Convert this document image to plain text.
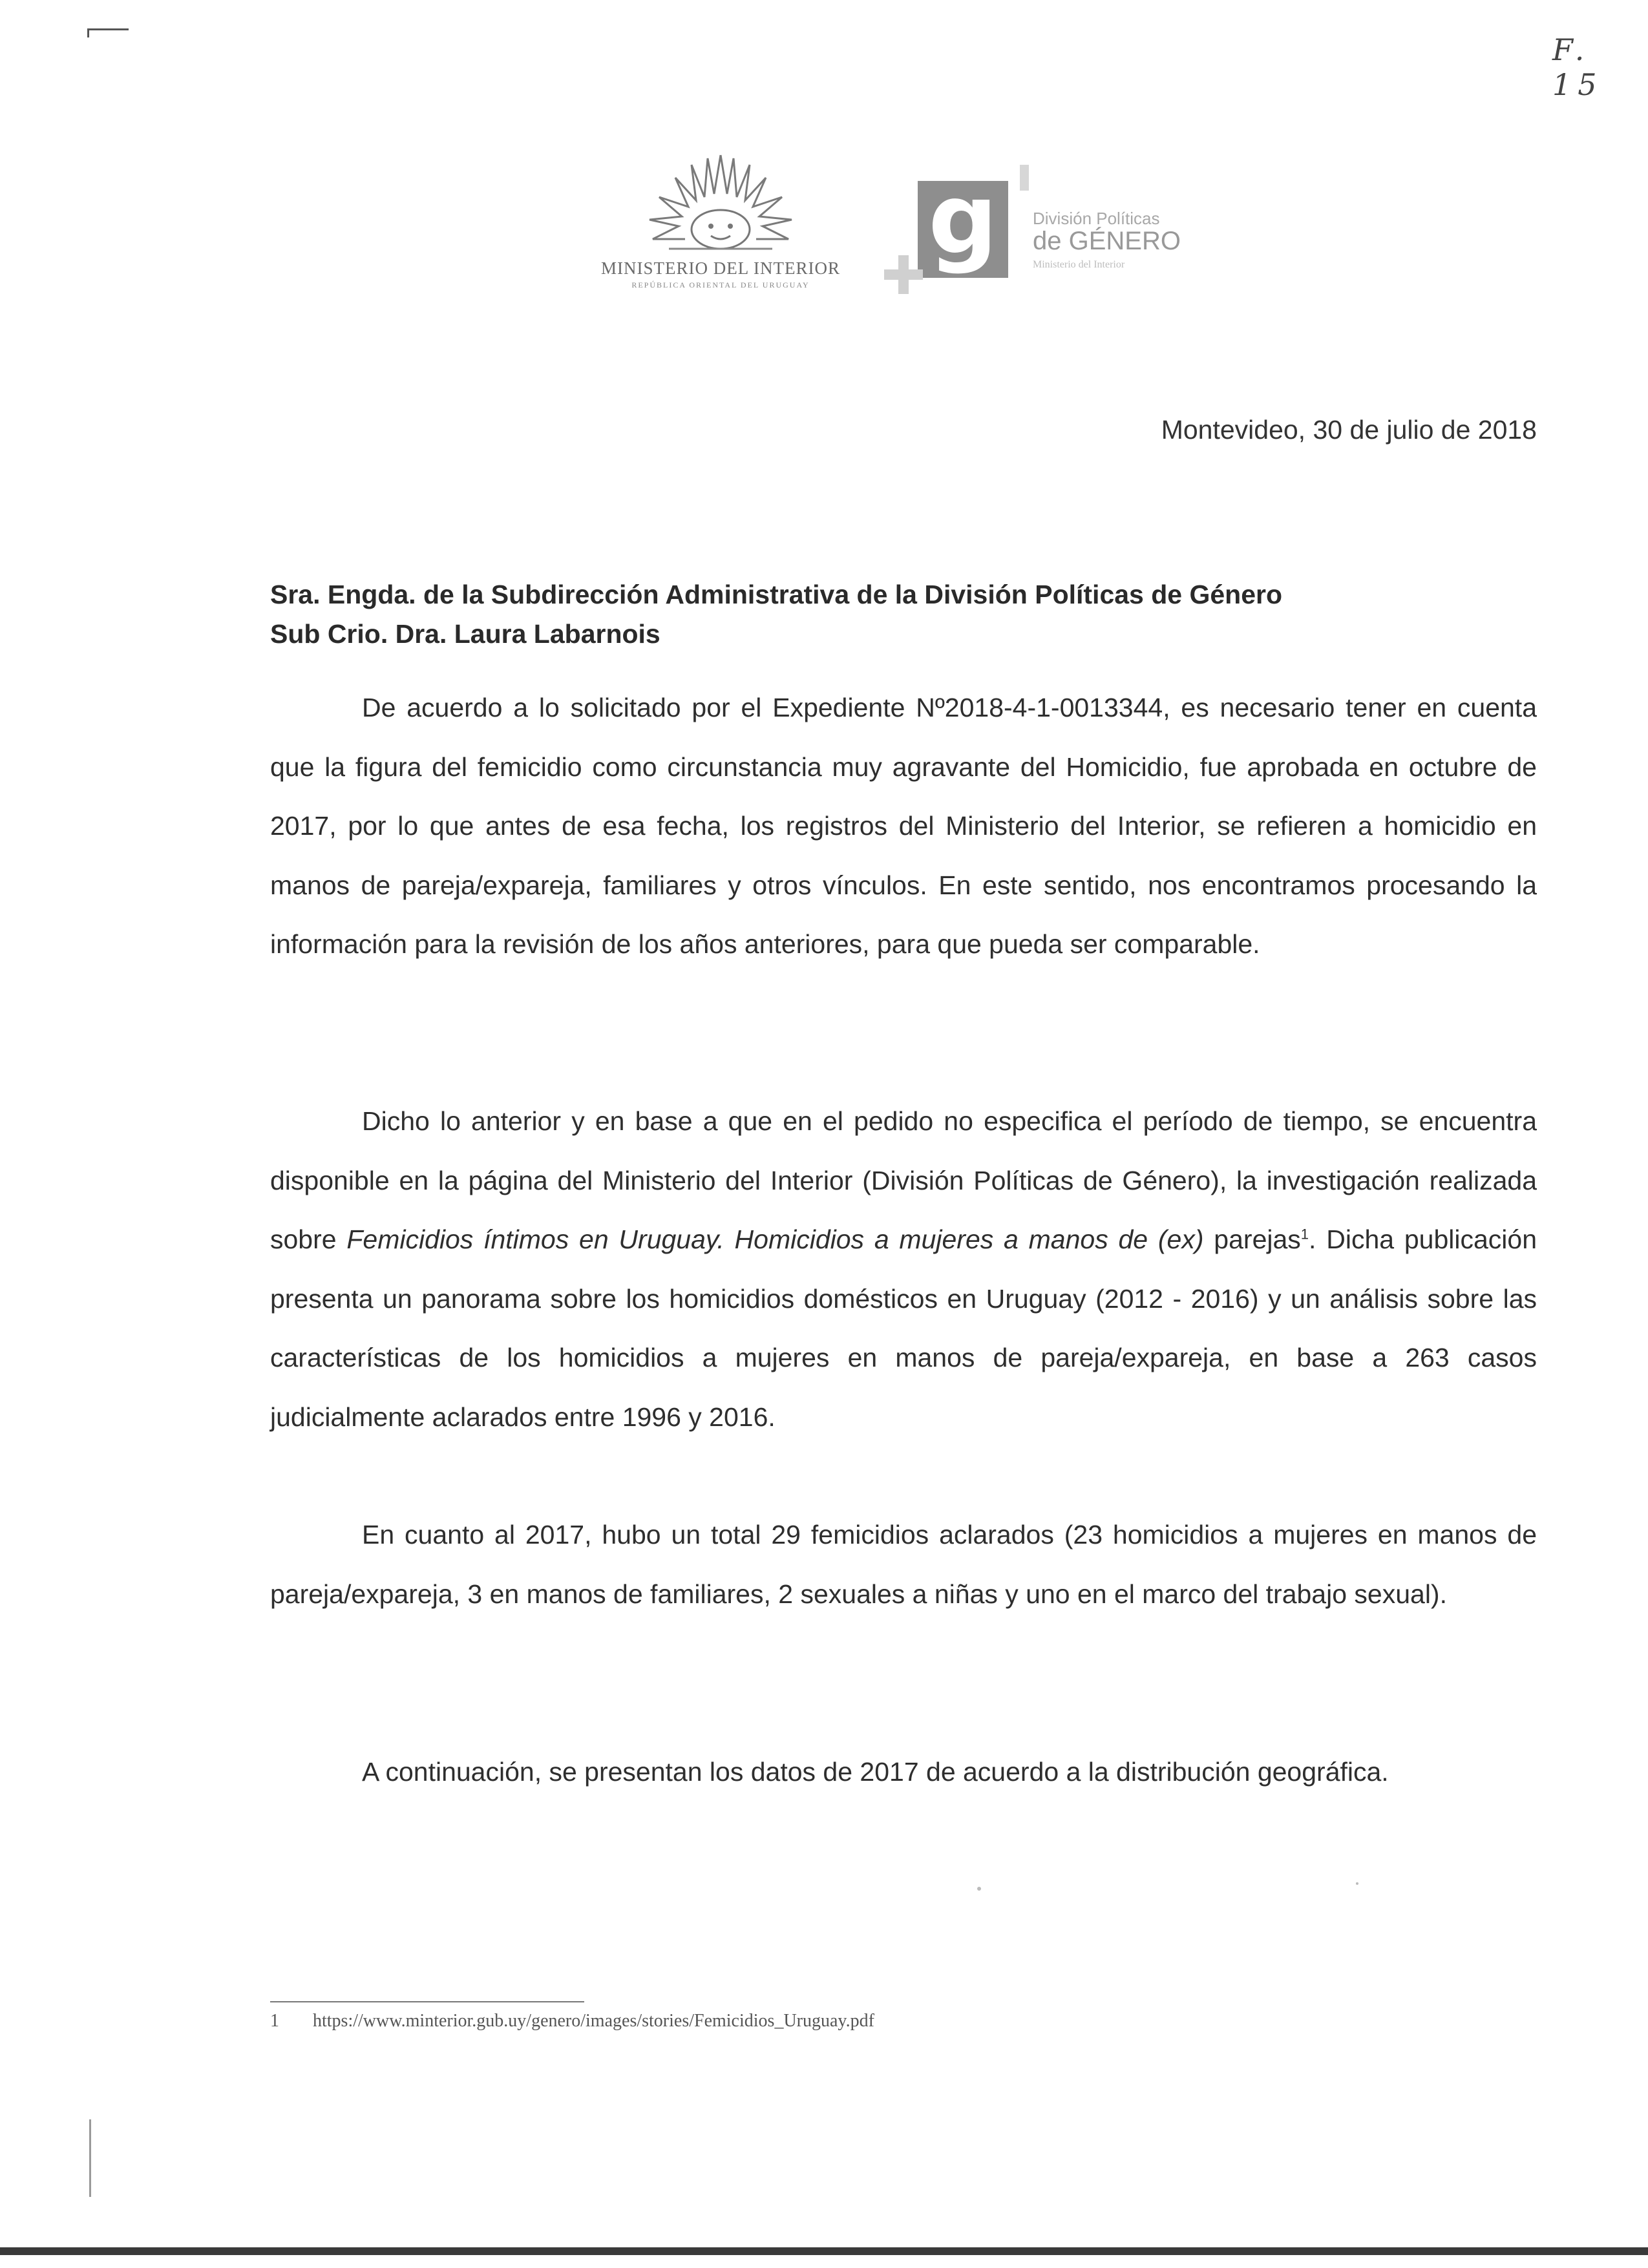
F. 15
MINISTERIO DEL INTERIOR
REPÚBLICA ORIENTAL DEL URUGUAY
g	División Políticas
de GÉNERO
Ministerio del Interior
Montevideo, 30 de julio de 2018
Sra. Engda. de la Subdirección Administrativa de la División Políticas de Género
Sub Crio. Dra. Laura Labarnois
De acuerdo a lo solicitado por el Expediente Nº2018-4-1-0013344, es necesario tener en cuenta que la figura del femicidio como circunstancia muy agravante del Homicidio, fue aprobada en octubre de 2017, por lo que antes de esa fecha, los registros del Ministerio del Interior, se refieren a homicidio en manos de pareja/expareja, familiares y otros vínculos. En este sentido, nos encontramos procesando la información para la revisión de los años anteriores, para que pueda ser comparable.
Dicho lo anterior y en base a que en el pedido no especifica el período de tiempo, se encuentra disponible en la página del Ministerio del Interior (División Políticas de Género), la investigación realizada sobre Femicidios íntimos en Uruguay. Homicidios a mujeres a manos de (ex) parejas$^1$. Dicha publicación presenta un panorama sobre los homicidios domésticos en Uruguay (2012 - 2016) y un análisis sobre las características de los homicidios a mujeres en manos de pareja/expareja, en base a 263 casos judicialmente aclarados entre 1996 y 2016.
En cuanto al 2017, hubo un total 29 femicidios aclarados (23 homicidios a mujeres en manos de pareja/expareja, 3 en manos de familiares, 2 sexuales a niñas y uno en el marco del trabajo sexual).
A continuación, se presentan los datos de 2017 de acuerdo a la distribución geográfica.
1 https://www.minterior.gub.uy/genero/images/stories/Femicidios_Uruguay.pdf
